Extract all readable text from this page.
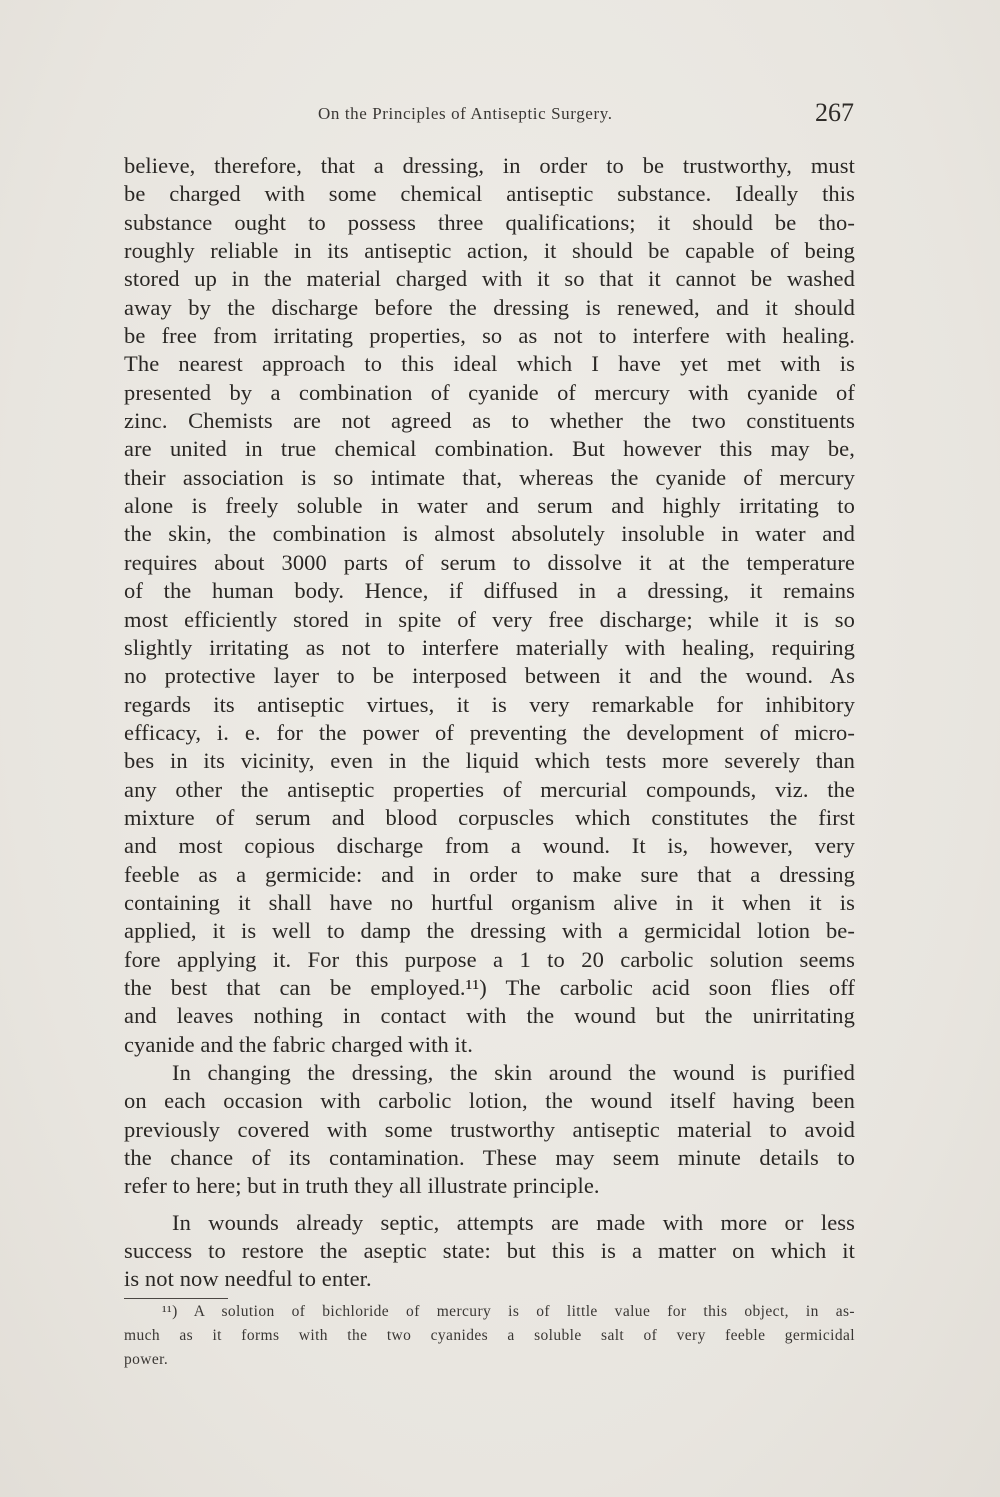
On the Principles of Antiseptic Surgery.	267

believe, therefore, that a dressing, in order to be trustworthy, must
be charged with some chemical antiseptic substance. Ideally this
substance ought to possess three qualifications; it should be tho-
roughly reliable in its antiseptic action, it should be capable of being
stored up in the material charged with it so that it cannot be washed
away by the discharge before the dressing is renewed, and it should
be free from irritating properties, so as not to interfere with healing.
The nearest approach to this ideal which I have yet met with is
presented by a combination of cyanide of mercury with cyanide of
zinc. Chemists are not agreed as to whether the two constituents
are united in true chemical combination. But however this may be,
their association is so intimate that, whereas the cyanide of mercury
alone is freely soluble in water and serum and highly irritating to
the skin, the combination is almost absolutely insoluble in water and
requires about 3000 parts of serum to dissolve it at the temperature
of the human body. Hence, if diffused in a dressing, it remains
most efficiently stored in spite of very free discharge; while it is so
slightly irritating as not to interfere materially with healing, requiring
no protective layer to be interposed between it and the wound. As
regards its antiseptic virtues, it is very remarkable for inhibitory
efficacy, i. e. for the power of preventing the development of micro-
bes in its vicinity, even in the liquid which tests more severely than
any other the antiseptic properties of mercurial compounds, viz. the
mixture of serum and blood corpuscles which constitutes the first
and most copious discharge from a wound. It is, however, very
feeble as a germicide: and in order to make sure that a dressing
containing it shall have no hurtful organism alive in it when it is
applied, it is well to damp the dressing with a germicidal lotion be-
fore applying it. For this purpose a 1 to 20 carbolic solution seems
the best that can be employed.¹¹) The carbolic acid soon flies off
and leaves nothing in contact with the wound but the unirritating
cyanide and the fabric charged with it.

In changing the dressing, the skin around the wound is purified
on each occasion with carbolic lotion, the wound itself having been
previously covered with some trustworthy antiseptic material to avoid
the chance of its contamination. These may seem minute details to
refer to here; but in truth they all illustrate principle.

In wounds already septic, attempts are made with more or less
success to restore the aseptic state: but this is a matter on which it
is not now needful to enter.

¹¹) A solution of bichloride of mercury is of little value for this object, in as-
much as it forms with the two cyanides a soluble salt of very feeble germicidal
power.
